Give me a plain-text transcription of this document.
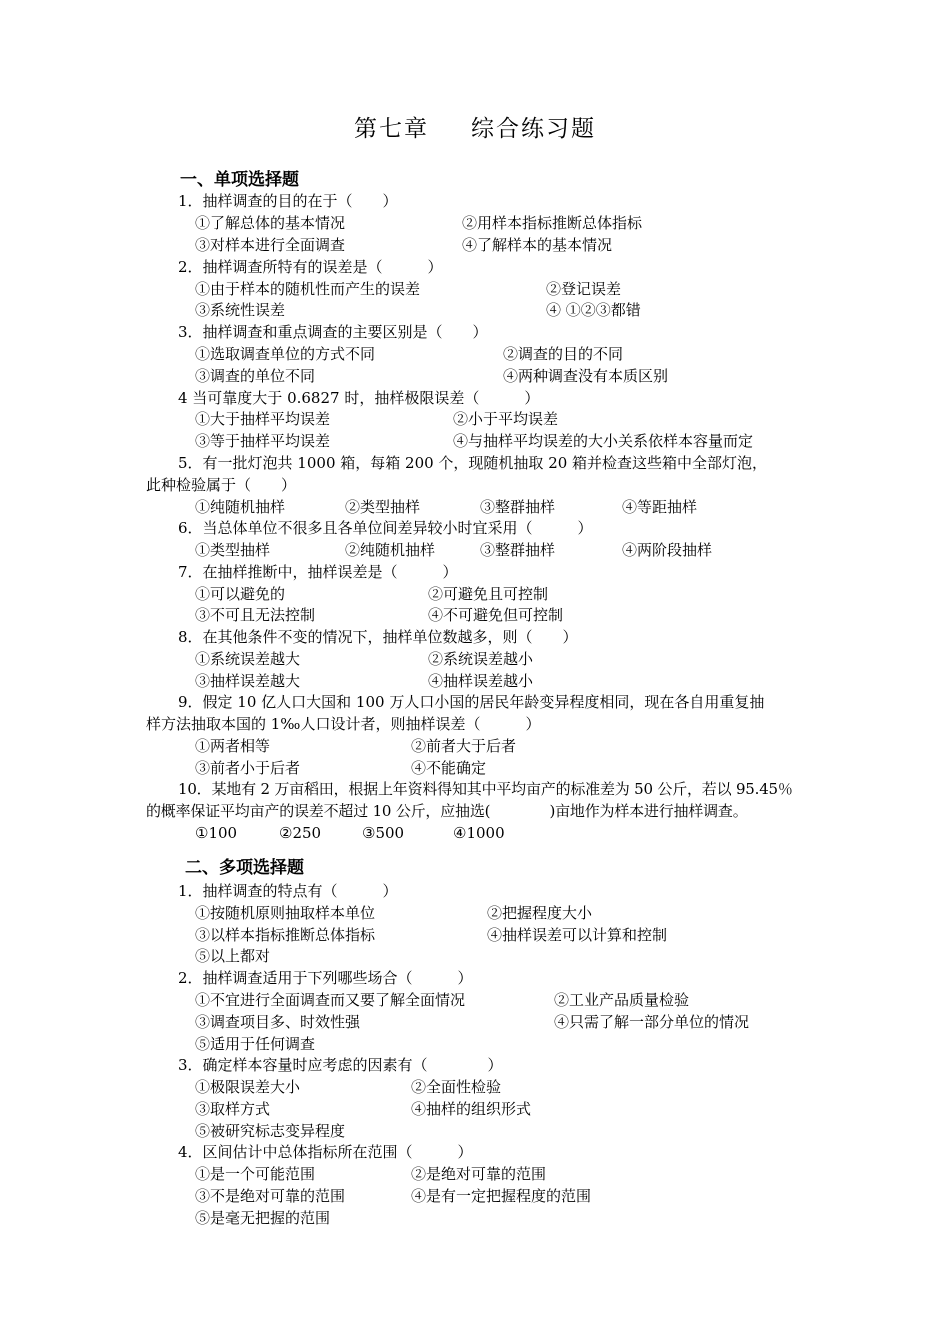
第七章 综合练习题
一、单项选择题
1．抽样调查的目的在于（　　）
①了解总体的基本情况	②用样本指标推断总体指标
③对样本进行全面调查	④了解样本的基本情况
2．抽样调查所特有的误差是（　　　）
①由于样本的随机性而产生的误差	②登记误差
③系统性误差	④ ①②③都错
3．抽样调查和重点调查的主要区别是（　　）
①选取调查单位的方式不同	②调查的目的不同
③调查的单位不同	④两种调查没有本质区别
4 当可靠度大于 0.6827 时，抽样极限误差（　　　）
①大于抽样平均误差	②小于平均误差
③等于抽样平均误差	④与抽样平均误差的大小关系依样本容量而定
5．有一批灯泡共 1000 箱，每箱 200 个，现随机抽取 20 箱并检查这些箱中全部灯泡，
此种检验属于（　　）
①纯随机抽样	②类型抽样	③整群抽样	④等距抽样
6．当总体单位不很多且各单位间差异较小时宜采用（　　　）
①类型抽样	②纯随机抽样	③整群抽样	④两阶段抽样
7．在抽样推断中，抽样误差是（　　　）
①可以避免的	②可避免且可控制
③不可且无法控制	④不可避免但可控制
8．在其他条件不变的情况下，抽样单位数越多，则（　　）
①系统误差越大	②系统误差越小
③抽样误差越大	④抽样误差越小
9．假定 10 亿人口大国和 100 万人口小国的居民年龄变异程度相同，现在各自用重复抽
样方法抽取本国的 1‰人口设计者，则抽样误差（　　　）
①两者相等	②前者大于后者
③前者小于后者	④不能确定
10．某地有 2 万亩稻田，根据上年资料得知其中平均亩产的标准差为 50 公斤，若以 95.45％
的概率保证平均亩产的误差不超过 10 公斤，应抽选(　　　　)亩地作为样本进行抽样调查。
①100	②250	③500	④1000
二、多项选择题
1．抽样调查的特点有（　　　）
①按随机原则抽取样本单位	②把握程度大小
③以样本指标推断总体指标	④抽样误差可以计算和控制
⑤以上都对
2．抽样调查适用于下列哪些场合（　　　）
①不宜进行全面调查而又要了解全面情况	②工业产品质量检验
③调查项目多、时效性强	④只需了解一部分单位的情况
⑤适用于任何调查
3．确定样本容量时应考虑的因素有（　　　　）
①极限误差大小	②全面性检验
③取样方式	④抽样的组织形式
⑤被研究标志变异程度
4．区间估计中总体指标所在范围（　　　）
①是一个可能范围	②是绝对可靠的范围
③不是绝对可靠的范围	④是有一定把握程度的范围
⑤是毫无把握的范围
